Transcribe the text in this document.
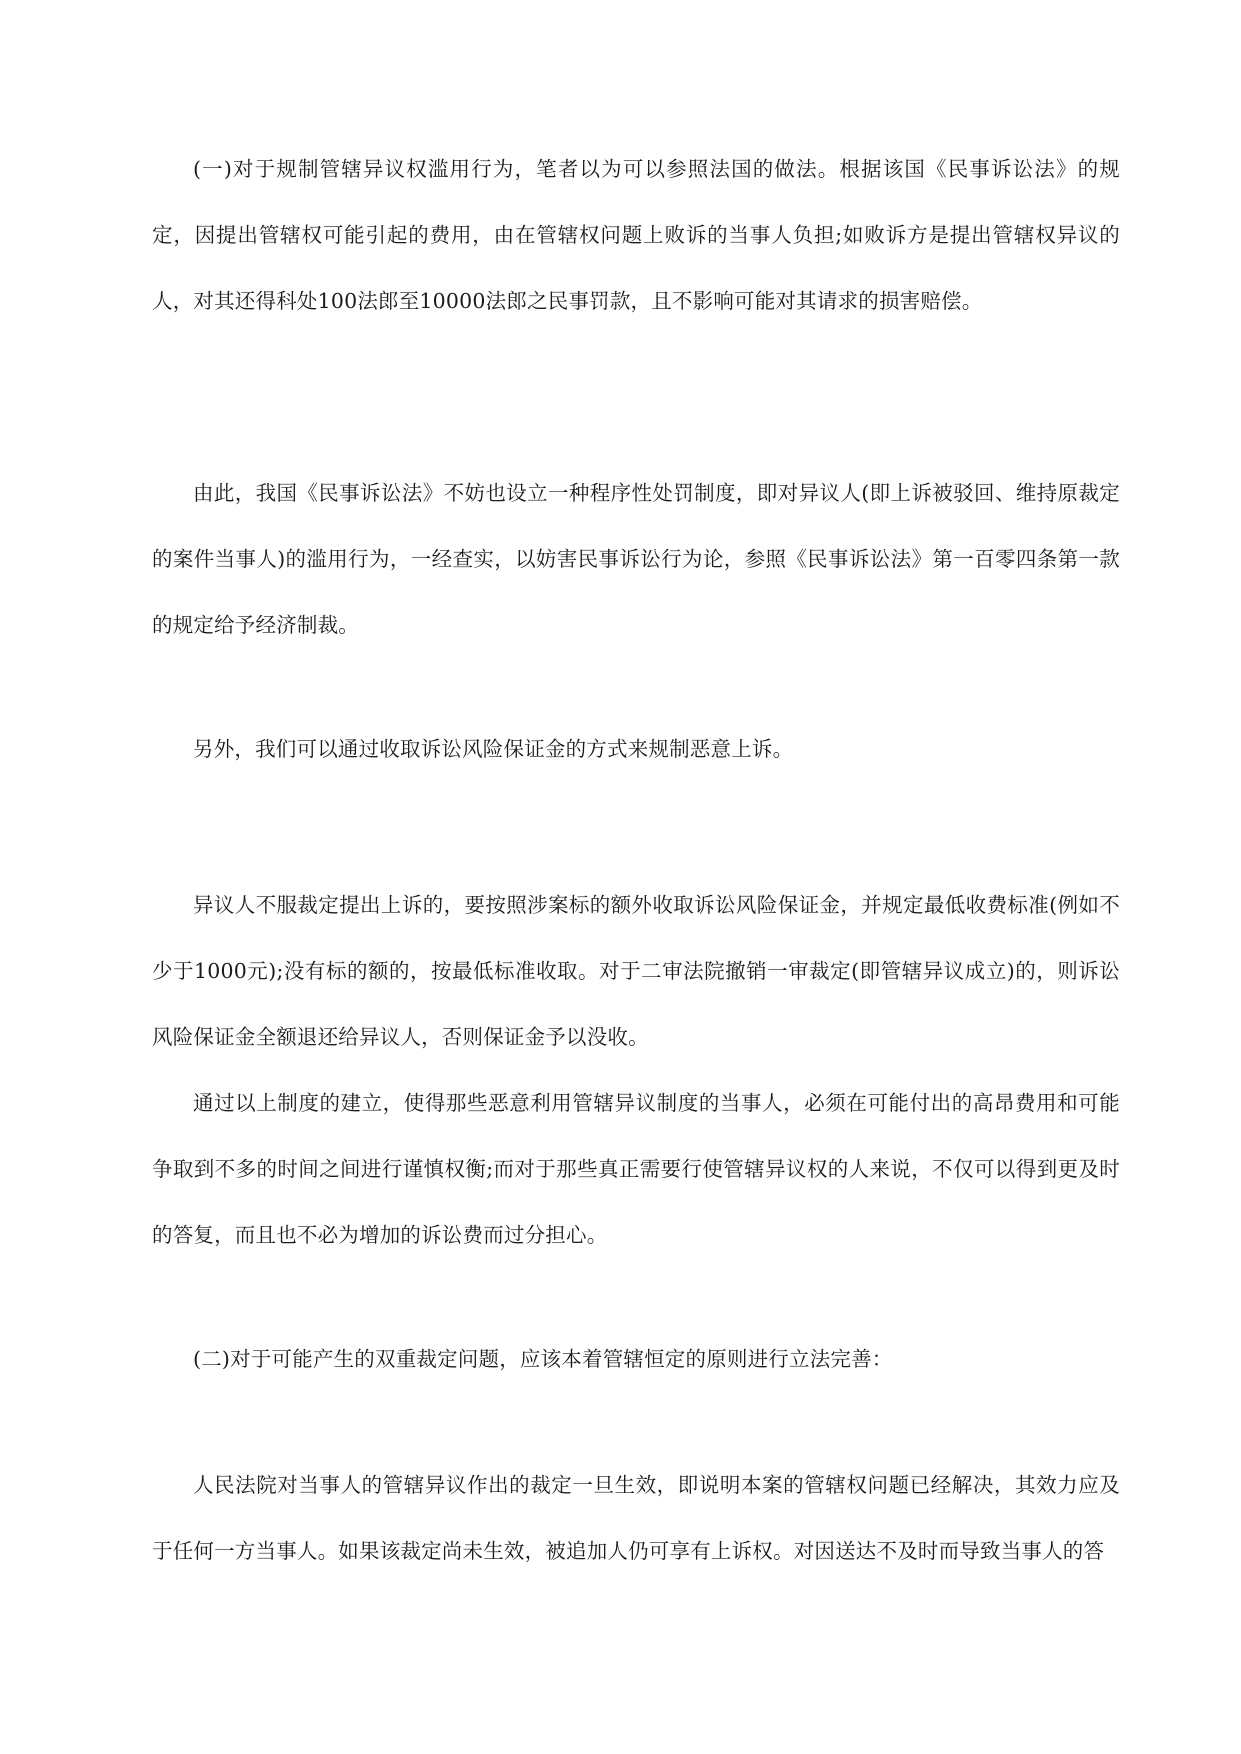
(一)对于规制管辖异议权滥用行为，笔者以为可以参照法国的做法。根据该国《民事诉讼法》的规定，因提出管辖权可能引起的费用，由在管辖权问题上败诉的当事人负担;如败诉方是提出管辖权异议的人，对其还得科处100法郎至10000法郎之民事罚款，且不影响可能对其请求的损害赔偿。

由此，我国《民事诉讼法》不妨也设立一种程序性处罚制度，即对异议人(即上诉被驳回、维持原裁定的案件当事人)的滥用行为，一经查实，以妨害民事诉讼行为论，参照《民事诉讼法》第一百零四条第一款的规定给予经济制裁。

另外，我们可以通过收取诉讼风险保证金的方式来规制恶意上诉。

异议人不服裁定提出上诉的，要按照涉案标的额外收取诉讼风险保证金，并规定最低收费标准(例如不少于1000元);没有标的额的，按最低标准收取。对于二审法院撤销一审裁定(即管辖异议成立)的，则诉讼风险保证金全额退还给异议人，否则保证金予以没收。

通过以上制度的建立，使得那些恶意利用管辖异议制度的当事人，必须在可能付出的高昂费用和可能争取到不多的时间之间进行谨慎权衡;而对于那些真正需要行使管辖异议权的人来说，不仅可以得到更及时的答复，而且也不必为增加的诉讼费而过分担心。

(二)对于可能产生的双重裁定问题，应该本着管辖恒定的原则进行立法完善：

人民法院对当事人的管辖异议作出的裁定一旦生效，即说明本案的管辖权问题已经解决，其效力应及于任何一方当事人。如果该裁定尚未生效，被追加人仍可享有上诉权。对因送达不及时而导致当事人的答
